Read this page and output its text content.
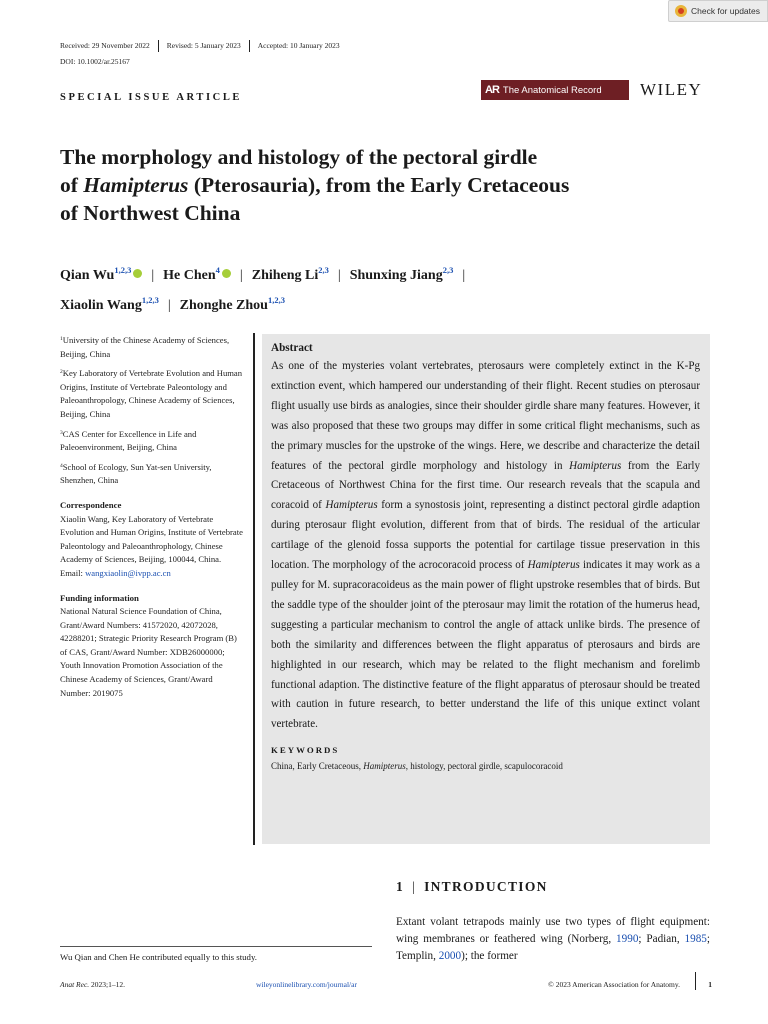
Check for updates
Received: 29 November 2022	Revised: 5 January 2023	Accepted: 10 January 2023
DOI: 10.1002/ar.25167
SPECIAL ISSUE ARTICLE
AR The Anatomical Record WILEY
The morphology and histology of the pectoral girdle
of Hamipterus (Pterosauria), from the Early Cretaceous
of Northwest China
Qian Wu$^{1,2,3}$ | He Chen$^4$ | Zhiheng Li$^{2,3}$ | Shunxing Jiang$^{2,3}$ |
Xiaolin Wang$^{1,2,3}$ | Zhonghe Zhou$^{1,2,3}$
$^1$University of the Chinese Academy of Sciences, Beijing, China
$^2$Key Laboratory of Vertebrate Evolution and Human Origins, Institute of Vertebrate Paleontology and Paleoanthropology, Chinese Academy of Sciences, Beijing, China
$^3$CAS Center for Excellence in Life and Paleoenvironment, Beijing, China
$^4$School of Ecology, Sun Yat-sen University, Shenzhen, China
Correspondence
Xiaolin Wang, Key Laboratory of Vertebrate Evolution and Human Origins, Institute of Vertebrate Paleontology and Paleoanthrophology, Chinese Academy of Sciences, Beijing, 100044, China.
Email: wangxiaolin@ivpp.ac.cn
Funding information
National Natural Science Foundation of China, Grant/Award Numbers: 41572020, 42072028, 42288201; Strategic Priority Research Program (B) of CAS, Grant/Award Number: XDB26000000; Youth Innovation Promotion Association of the Chinese Academy of Sciences, Grant/Award Number: 2019075
Abstract
As one of the mysteries volant vertebrates, pterosaurs were completely extinct in the K-Pg extinction event, which hampered our understanding of their flight. Recent studies on pterosaur flight usually use birds as analogies, since their shoulder girdle share many features. However, it was also proposed that these two groups may differ in some critical flight mechanisms, such as the primary muscles for the upstroke of the wings. Here, we describe and characterize the detail features of the pectoral girdle morphology and histology in Hamipterus from the Early Cretaceous of Northwest China for the first time. Our research reveals that the scapula and coracoid of Hamipterus form a synostosis joint, representing a distinct pectoral girdle adaption during pterosaur flight evolution, different from that of birds. The residual of the articular cartilage of the glenoid fossa supports the potential for cartilage tissue preservation in this location. The morphology of the acrocoracoid process of Hamipterus indicates it may work as a pulley for M. supracoracoideus as the main power of flight upstroke resembles that of birds. But the saddle type of the shoulder joint of the pterosaur may limit the rotation of the humerus head, suggesting a particular mechanism to control the angle of attack unlike birds. The presence of both the similarity and differences between the flight apparatus of pterosaurs and birds are highlighted in our research, which may be related to the flight mechanism and forelimb functional adaption. The distinctive feature of the flight apparatus of pterosaur should be treated with caution in future research, to better understand the life of this unique extinct volant vertebrate.
KEYWORDS
China, Early Cretaceous, Hamipterus, histology, pectoral girdle, scapulocoracoid
1 | INTRODUCTION
Extant volant tetrapods mainly use two types of flight equipment: wing membranes or feathered wing (Norberg, 1990; Padian, 1985; Templin, 2000); the former
Wu Qian and Chen He contributed equally to this study.
Anat Rec. 2023;1–12.	wileyonlinelibrary.com/journal/ar	© 2023 American Association for Anatomy.	1
